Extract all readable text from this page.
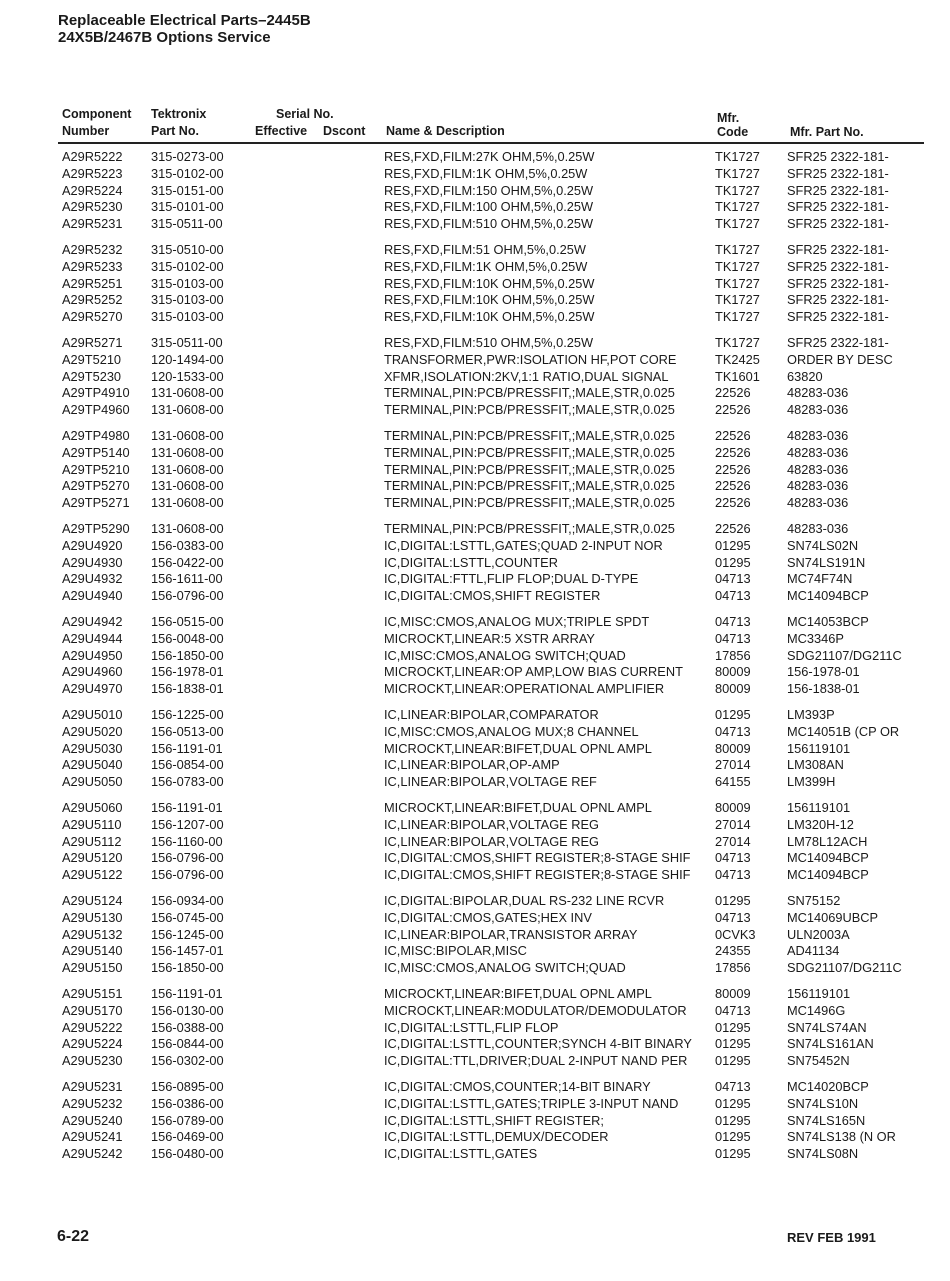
Replaceable Electrical Parts–2445B
24X5B/2467B Options Service
Component
Number
Tektronix
Part No.
Serial No.
Effective Dscont Name & Description
Mfr.
Code	Mfr. Part No.
A29R5222 315-0273-00	RES,FXD,FILM:27K OHM,5%,0.25W	TK1727 SFR25 2322-181-
A29R5223 315-0102-00	RES,FXD,FILM:1K OHM,5%,0.25W	TK1727 SFR25 2322-181-
A29R5224 315-0151-00	RES,FXD,FILM:150 OHM,5%,0.25W	TK1727 SFR25 2322-181-
A29R5230 315-0101-00	RES,FXD,FILM:100 OHM,5%,0.25W	TK1727 SFR25 2322-181-
A29R5231 315-0511-00	RES,FXD,FILM:510 OHM,5%,0.25W	TK1727 SFR25 2322-181-
A29R5232 315-0510-00	RES,FXD,FILM:51 OHM,5%,0.25W	TK1727 SFR25 2322-181-
A29R5233 315-0102-00	RES,FXD,FILM:1K OHM,5%,0.25W	TK1727 SFR25 2322-181-
A29R5251 315-0103-00	RES,FXD,FILM:10K OHM,5%,0.25W	TK1727 SFR25 2322-181-
A29R5252 315-0103-00	RES,FXD,FILM:10K OHM,5%,0.25W	TK1727 SFR25 2322-181-
A29R5270 315-0103-00	RES,FXD,FILM:10K OHM,5%,0.25W	TK1727 SFR25 2322-181-
A29R5271 315-0511-00	RES,FXD,FILM:510 OHM,5%,0.25W	TK1727 SFR25 2322-181-
A29T5210 120-1494-00	TRANSFORMER,PWR:ISOLATION HF,POT CORE	TK2425 ORDER BY DESC
A29T5230 120-1533-00	XFMR,ISOLATION:2KV,1:1 RATIO,DUAL SIGNAL	TK1601 63820
A29TP4910 131-0608-00	TERMINAL,PIN:PCB/PRESSFIT,;MALE,STR,0.025	22526	48283-036
A29TP4960 131-0608-00	TERMINAL,PIN:PCB/PRESSFIT,;MALE,STR,0.025	22526	48283-036
A29TP4980 131-0608-00	TERMINAL,PIN:PCB/PRESSFIT,;MALE,STR,0.025	22526	48283-036
A29TP5140 131-0608-00	TERMINAL,PIN:PCB/PRESSFIT,;MALE,STR,0.025	22526	48283-036
A29TP5210 131-0608-00	TERMINAL,PIN:PCB/PRESSFIT,;MALE,STR,0.025	22526	48283-036
A29TP5270 131-0608-00	TERMINAL,PIN:PCB/PRESSFIT,;MALE,STR,0.025	22526	48283-036
A29TP5271 131-0608-00	TERMINAL,PIN:PCB/PRESSFIT,;MALE,STR,0.025	22526	48283-036
A29TP5290 131-0608-00	TERMINAL,PIN:PCB/PRESSFIT,;MALE,STR,0.025	22526	48283-036
A29U4920 156-0383-00	IC,DIGITAL:LSTTL,GATES;QUAD 2-INPUT NOR	01295	SN74LS02N
A29U4930 156-0422-00	IC,DIGITAL:LSTTL,COUNTER	01295	SN74LS191N
A29U4932 156-1611-00	IC,DIGITAL:FTTL,FLIP FLOP;DUAL D-TYPE	04713	MC74F74N
A29U4940 156-0796-00	IC,DIGITAL:CMOS,SHIFT REGISTER	04713	MC14094BCP
A29U4942 156-0515-00	IC,MISC:CMOS,ANALOG MUX;TRIPLE SPDT	04713	MC14053BCP
A29U4944 156-0048-00	MICROCKT,LINEAR:5 XSTR ARRAY	04713	MC3346P
A29U4950 156-1850-00	IC,MISC:CMOS,ANALOG SWITCH;QUAD	17856	SDG21107/DG211C
A29U4960 156-1978-01	MICROCKT,LINEAR:OP AMP,LOW BIAS CURRENT	80009	156-1978-01
A29U4970 156-1838-01	MICROCKT,LINEAR:OPERATIONAL AMPLIFIER	80009	156-1838-01
A29U5010 156-1225-00	IC,LINEAR:BIPOLAR,COMPARATOR	01295	LM393P
A29U5020 156-0513-00	IC,MISC:CMOS,ANALOG MUX;8 CHANNEL	04713	MC14051B (CP OR
A29U5030 156-1191-01	MICROCKT,LINEAR:BIFET,DUAL OPNL AMPL	80009	156119101
A29U5040 156-0854-00	IC,LINEAR:BIPOLAR,OP-AMP	27014	LM308AN
A29U5050 156-0783-00	IC,LINEAR:BIPOLAR,VOLTAGE REF	64155	LM399H
A29U5060 156-1191-01	MICROCKT,LINEAR:BIFET,DUAL OPNL AMPL	80009	156119101
A29U5110 156-1207-00	IC,LINEAR:BIPOLAR,VOLTAGE REG	27014	LM320H-12
A29U5112 156-1160-00	IC,LINEAR:BIPOLAR,VOLTAGE REG	27014	LM78L12ACH
A29U5120 156-0796-00	IC,DIGITAL:CMOS,SHIFT REGISTER;8-STAGE SHIF 04713	MC14094BCP
A29U5122 156-0796-00	IC,DIGITAL:CMOS,SHIFT REGISTER;8-STAGE SHIF 04713	MC14094BCP
A29U5124 156-0934-00	IC,DIGITAL:BIPOLAR,DUAL RS-232 LINE RCVR	01295	SN75152
A29U5130 156-0745-00	IC,DIGITAL:CMOS,GATES;HEX INV	04713	MC14069UBCP
A29U5132 156-1245-00	IC,LINEAR:BIPOLAR,TRANSISTOR ARRAY	0CVK3 ULN2003A
A29U5140 156-1457-01	IC,MISC:BIPOLAR,MISC	24355	AD41134
A29U5150 156-1850-00	IC,MISC:CMOS,ANALOG SWITCH;QUAD	17856	SDG21107/DG211C
A29U5151 156-1191-01	MICROCKT,LINEAR:BIFET,DUAL OPNL AMPL	80009	156119101
A29U5170 156-0130-00	MICROCKT,LINEAR:MODULATOR/DEMODULATOR 04713	MC1496G
A29U5222 156-0388-00	IC,DIGITAL:LSTTL,FLIP FLOP	01295	SN74LS74AN
A29U5224 156-0844-00	IC,DIGITAL:LSTTL,COUNTER;SYNCH 4-BIT BINARY 01295	SN74LS161AN
A29U5230 156-0302-00	IC,DIGITAL:TTL,DRIVER;DUAL 2-INPUT NAND PER 01295	SN75452N
A29U5231 156-0895-00	IC,DIGITAL:CMOS,COUNTER;14-BIT BINARY	04713	MC14020BCP
A29U5232 156-0386-00	IC,DIGITAL:LSTTL,GATES;TRIPLE 3-INPUT NAND	01295	SN74LS10N
A29U5240 156-0789-00	IC,DIGITAL:LSTTL,SHIFT REGISTER;	01295	SN74LS165N
A29U5241 156-0469-00	IC,DIGITAL:LSTTL,DEMUX/DECODER	01295	SN74LS138 (N OR
A29U5242 156-0480-00	IC,DIGITAL:LSTTL,GATES	01295	SN74LS08N
6-22	REV FEB 1991
